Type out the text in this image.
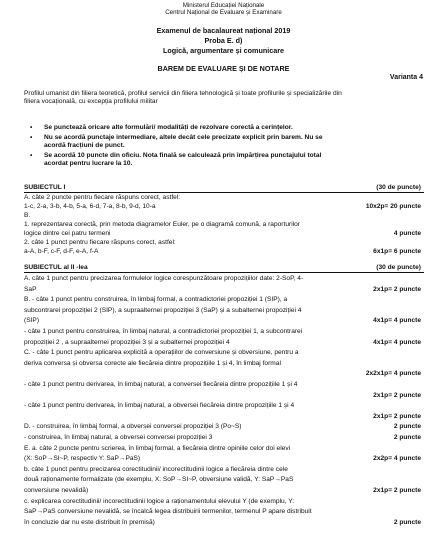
Ministerul Educației Naționale
Centrul Național de Evaluare și Examinare
Examenul de bacalaureat național 2019
Proba E. d)
Logică, argumentare și comunicare
BAREM DE EVALUARE ȘI DE NOTARE
Varianta 4
Profilul umanist din filiera teoretică, profilul servicii din filiera tehnologică și toate profilurile și specializările din
filiera vocațională, cu excepția profilului militar
• Se punctează oricare alte formulări/ modalități de rezolvare corectă a cerințelor.
• Nu se acordă punctaje intermediare, altele decât cele precizate explicit prin barem. Nu se
acordă fracțiuni de punct.
• Se acordă 10 puncte din oficiu. Nota finală se calculează prin împărțirea punctajului total
acordat pentru lucrare la 10.
SUBIECTUL I	(30 de puncte)
A. câte 2 puncte pentru fiecare răspuns corect, astfel:
1-c, 2-a, 3-b, 4-b, 5-a, 6-d, 7-a, 8-b, 9-d, 10-a	10x2p= 20 puncte
B.
1. reprezentarea corectă, prin metoda diagramelor Euler, pe o diagramă comună, a raporturilor
logice dintre cei patru termeni	4 puncte
2. câte 1 punct pentru fiecare răspuns corect, astfel:
a-A, b-F, c-F, d-F, e-A, f-A	6x1p= 6 puncte
SUBIECTUL al II -lea	(30 de puncte)
A. câte 1 punct pentru precizarea formulelor logice corespunzătoare propozițiilor date: 2-SoP, 4-
SaP	2x1p= 2 puncte
B. - câte 1 punct pentru construirea, în limbaj formal, a contradictoriei propoziției 1 (SIP), a
subcontrarei propoziției 2 (SIP), a supraalternei propoziției 3 (SaP) și a subalternei propoziției 4
(SIP)	4x1p= 4 puncte
- câte 1 punct pentru construirea, în limbaj natural, a contradictoriei propoziției 1, a subcontrarei
propoziției 2 , a supraalternei propoziției 3 și a subalternei propoziției 4	4x1p= 4 puncte
C. - câte 1 punct pentru aplicarea explicită a operațiilor de conversiune și obversiune, pentru a
deriva conversa și obversa corecte ale fiecăreia dintre propozițiile 1 și 4, în limbaj formal
2x2x1p= 4 puncte
- câte 1 punct pentru derivarea, în limbaj natural, a conversei fiecăreia dintre propozițiile 1 și 4
2x1p= 2 puncte
- câte 1 punct pentru derivarea, în limbaj natural, a obversei fiecăreia dintre propozițiile 1 și 4
2x1p= 2 puncte
D. - construirea, în limbaj formal, a obversei conversei propoziției 3 (Po~S)	2 puncte
- construirea, în limbaj natural, a obversei conversei propoziției 3	2 puncte
E. a. câte 2 puncte pentru scrierea, în limbaj formal, a fiecăreia dintre opiniile celor doi elevi
(X: SoP→SI~P, respectiv Y: SaP→PaS)	2x2p= 4 puncte
b. câte 1 punct pentru precizarea corectitudinii/ incorectitudinii logice a fiecăreia dintre cele
două raționamente formalizate (de exemplu, X: SoP→SI~P, obversiune validă, Y: SaP→PaS
conversiune nevalidă)	2x1p= 2 puncte
c. explicarea corectitudinii/ incorectitudinii logice a raționamentului elevului Y (de exemplu, Y:
SaP→PaS conversiune nevalidă, se încalcă legea distribuirii termenilor, termenul P apare distribuit
în concluzie dar nu este distribuit în premisă)	2 puncte
